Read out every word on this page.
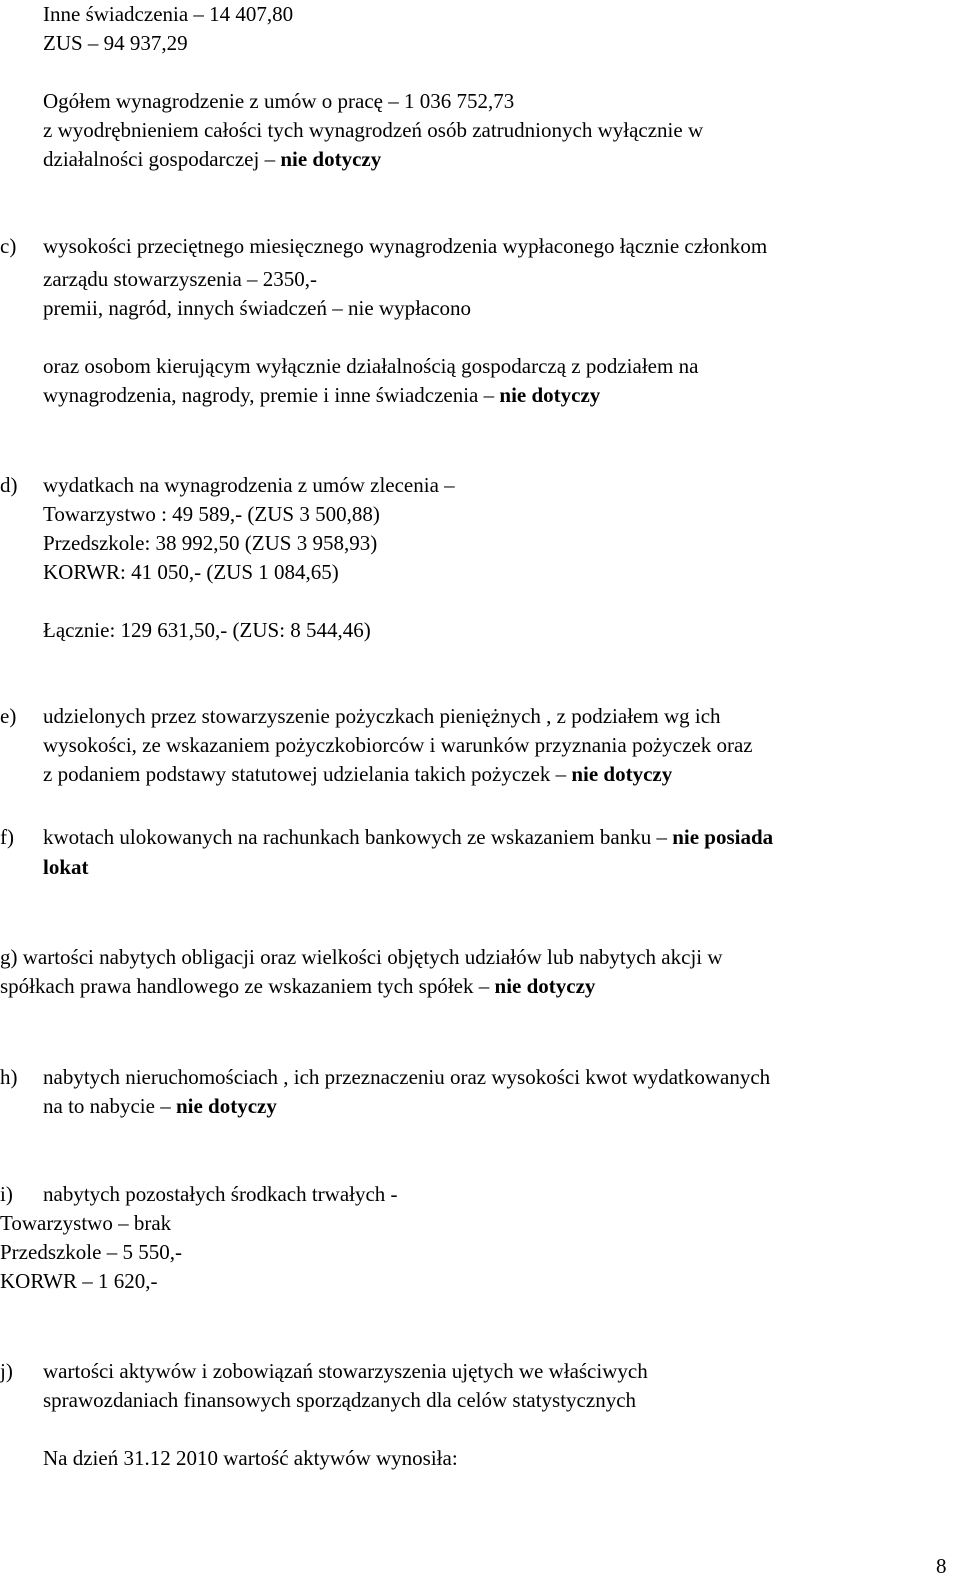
Inne świadczenia – 14 407,80
ZUS – 94 937,29
Ogółem wynagrodzenie z umów o pracę – 1 036 752,73
z wyodrębnieniem całości tych wynagrodzeń osób zatrudnionych wyłącznie w
działalności gospodarczej – nie dotyczy
c) wysokości przeciętnego miesięcznego wynagrodzenia wypłaconego łącznie członkom
zarządu stowarzyszenia – 2350,-
premii, nagród, innych świadczeń – nie wypłacono
oraz osobom kierującym wyłącznie działalnością gospodarczą z podziałem na
wynagrodzenia, nagrody, premie i inne świadczenia – nie dotyczy
d) wydatkach na wynagrodzenia z umów zlecenia –
Towarzystwo : 49 589,- (ZUS 3 500,88)
Przedszkole: 38 992,50 (ZUS 3 958,93)
KORWR: 41 050,- (ZUS 1 084,65)
Łącznie: 129 631,50,- (ZUS: 8 544,46)
e) udzielonych przez stowarzyszenie pożyczkach pieniężnych , z podziałem wg ich
wysokości, ze wskazaniem pożyczkobiorców i warunków przyznania pożyczek oraz
z podaniem podstawy statutowej udzielania takich pożyczek – nie dotyczy
f) kwotach ulokowanych na rachunkach bankowych ze wskazaniem banku – nie posiada
lokat
g) wartości nabytych obligacji oraz wielkości objętych udziałów lub nabytych akcji w
spółkach prawa handlowego ze wskazaniem tych spółek – nie dotyczy
h) nabytych nieruchomościach , ich przeznaczeniu oraz wysokości kwot wydatkowanych
na to nabycie – nie dotyczy
i) nabytych pozostałych środkach trwałych -
Towarzystwo – brak
Przedszkole – 5 550,-
KORWR – 1 620,-
j) wartości aktywów i zobowiązań stowarzyszenia ujętych we właściwych
sprawozdaniach finansowych sporządzanych dla celów statystycznych
Na dzień 31.12 2010 wartość aktywów wynosiła:
8
